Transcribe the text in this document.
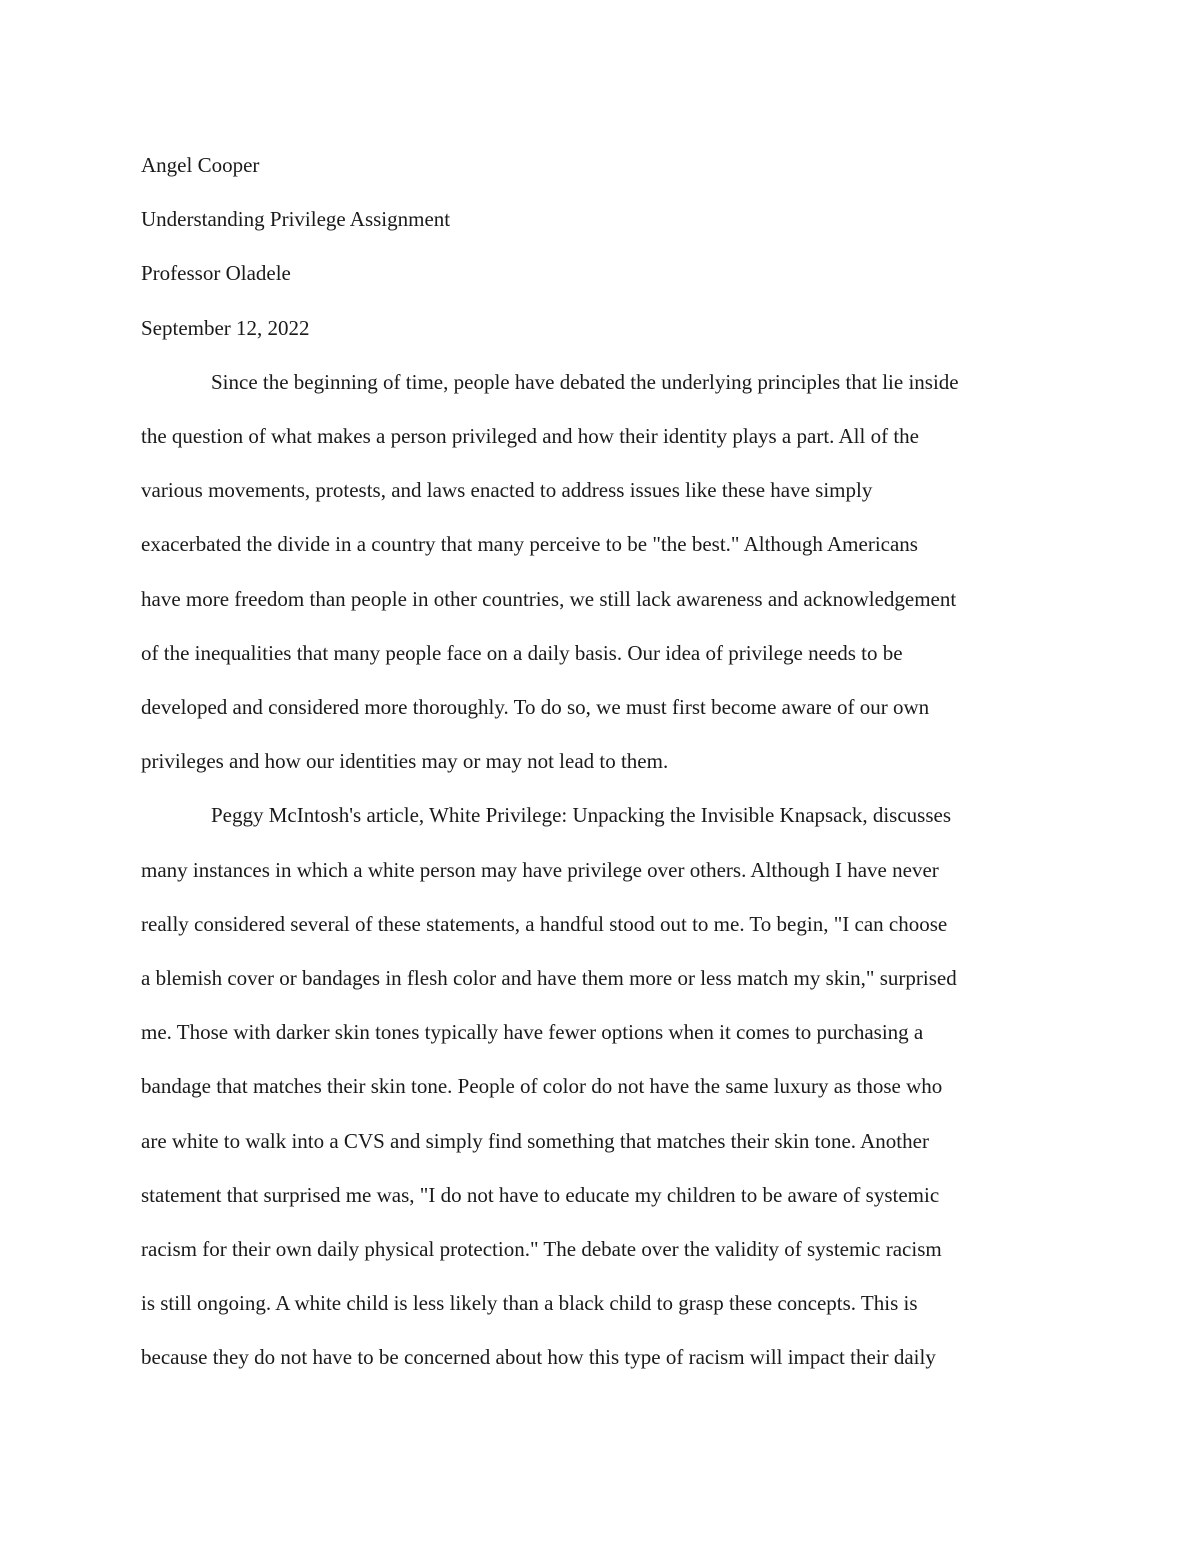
Angel Cooper

Understanding Privilege Assignment

Professor Oladele

September 12, 2022

Since the beginning of time, people have debated the underlying principles that lie inside
the question of what makes a person privileged and how their identity plays a part. All of the
various movements, protests, and laws enacted to address issues like these have simply
exacerbated the divide in a country that many perceive to be "the best." Although Americans
have more freedom than people in other countries, we still lack awareness and acknowledgement
of the inequalities that many people face on a daily basis. Our idea of privilege needs to be
developed and considered more thoroughly. To do so, we must first become aware of our own
privileges and how our identities may or may not lead to them.

Peggy McIntosh's article, White Privilege: Unpacking the Invisible Knapsack, discusses
many instances in which a white person may have privilege over others. Although I have never
really considered several of these statements, a handful stood out to me. To begin, "I can choose
a blemish cover or bandages in flesh color and have them more or less match my skin," surprised
me. Those with darker skin tones typically have fewer options when it comes to purchasing a
bandage that matches their skin tone. People of color do not have the same luxury as those who
are white to walk into a CVS and simply find something that matches their skin tone. Another
statement that surprised me was, "I do not have to educate my children to be aware of systemic
racism for their own daily physical protection." The debate over the validity of systemic racism
is still ongoing. A white child is less likely than a black child to grasp these concepts. This is
because they do not have to be concerned about how this type of racism will impact their daily
